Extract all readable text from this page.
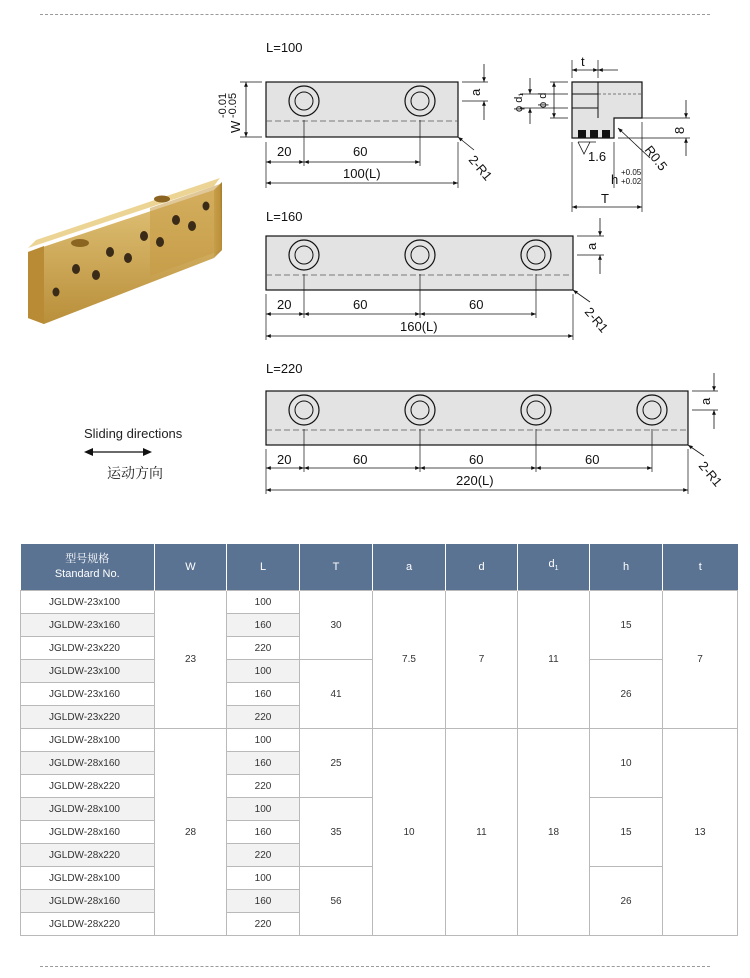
L=100
20	60
100(L)
a
2-R1
W
-0.01
-0.05
t
ϕ d₁ ϕ d
8
R0.5
1.6
h +0.05
+0.02
T
L=160
20	60	60
160(L)
a
2-R1
L=220
20	60	60	60
220(L)
a
2-R1
Sliding directions
运动方向
型号规格
Standard No.	W	L	T	a	d	$d_1$	h	t
JGLDW-23x100	23	100	30	7.5	7	11	15	7
JGLDW-23x160		160						
JGLDW-23x220		220						
JGLDW-23x100		100	41				26	
JGLDW-23x160		160						
JGLDW-23x220		220						
JGLDW-28x100	28	100	25	10	11	18	10	13
JGLDW-28x160		160						
JGLDW-28x220		220						
JGLDW-28x100		100	35				15	
JGLDW-28x160		160						
JGLDW-28x220		220						
JGLDW-28x100		100	56				26	
JGLDW-28x160		160						
JGLDW-28x220		220						
